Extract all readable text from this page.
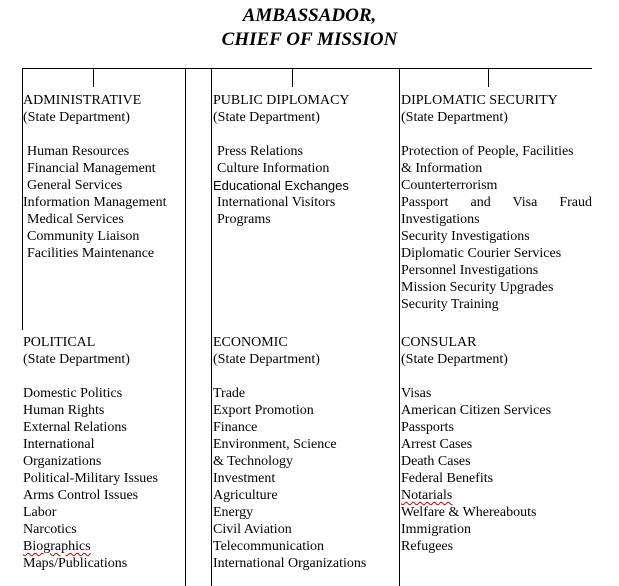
AMBASSADOR,
CHIEF OF MISSION
ADMINISTRATIVE
(State Department)
Human Resources
Financial Management
General Services
Information Management
Medical Services
Community Liaison
Facilities Maintenance
PUBLIC DIPLOMACY
(State Department)
Press Relations
Culture Information
Educational Exchanges
International Visitors
Programs
DIPLOMATIC SECURITY
(State Department)
Protection of People, Facilities
& Information
Counterterrorism
Passport and Visa Fraud
Investigations
Security Investigations
Diplomatic Courier Services
Personnel Investigations
Mission Security Upgrades
Security Training
POLITICAL
(State Department)
Domestic Politics
Human Rights
External Relations
International
Organizations
Political-Military Issues
Arms Control Issues
Labor
Narcotics
Biographics
Maps/Publications
ECONOMIC
(State Department)
Trade
Export Promotion
Finance
Environment, Science
& Technology
Investment
Agriculture
Energy
Civil Aviation
Telecommunication
International Organizations
CONSULAR
(State Department)
Visas
American Citizen Services
Passports
Arrest Cases
Death Cases
Federal Benefits
Notarials
Welfare & Whereabouts
Immigration
Refugees
